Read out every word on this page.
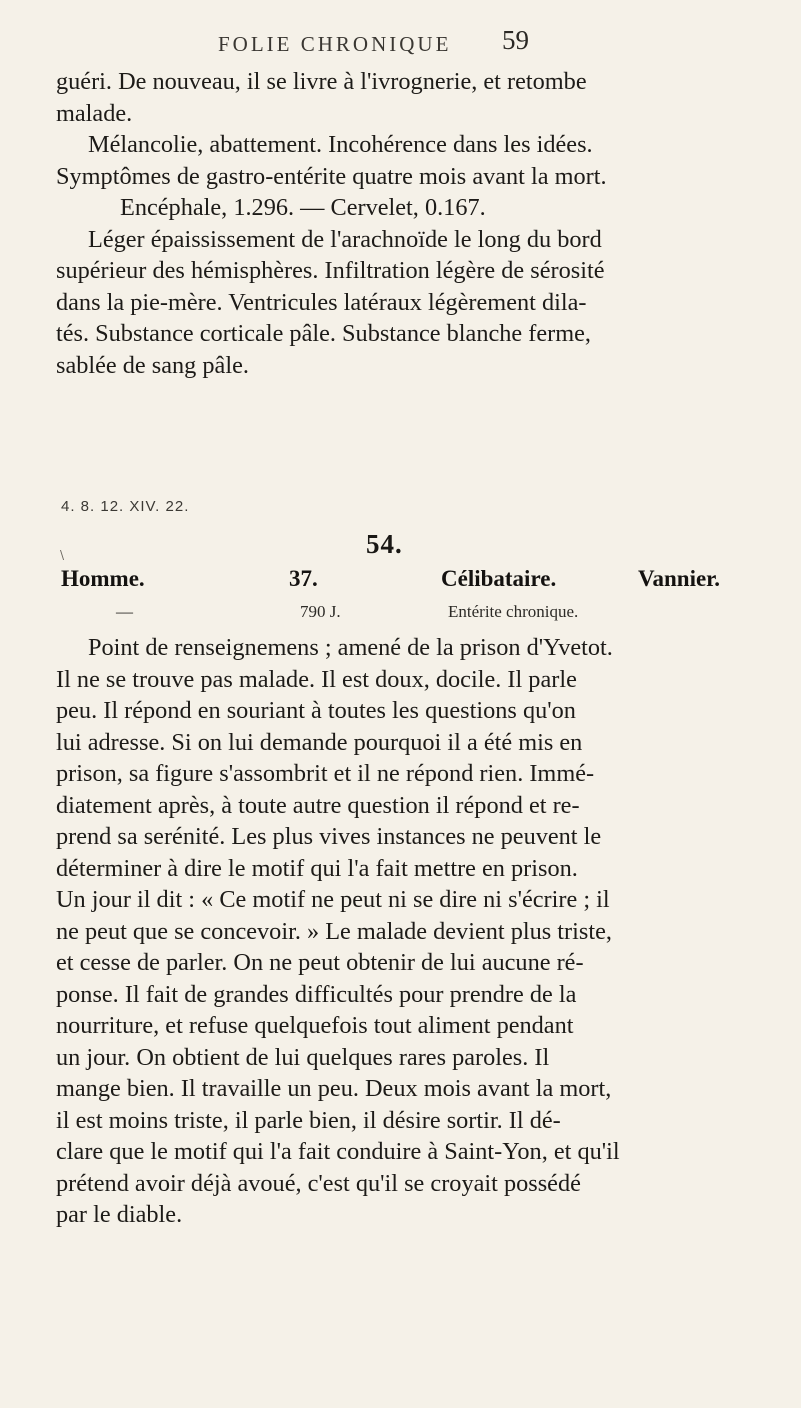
FOLIE CHRONIQUE 59

guéri. De nouveau, il se livre à l'ivrognerie, et retombe

malade.

Mélancolie, abattement. Incohérence dans les idées.

Symptômes de gastro-entérite quatre mois avant la mort.

Encéphale, 1.296. — Cervelet, 0.167.

Léger épaississement de l'arachnoïde le long du bord

supérieur des hémisphères. Infiltration légère de sérosité

dans la pie-mère. Ventricules latéraux légèrement dila-

tés. Substance corticale pâle. Substance blanche ferme,

sablée de sang pâle.

4. 8. 12. XIV. 22.
\	54.
Homme.	37.	Célibataire.	Vannier.
—	790 J.	Entérite chronique.

Point de renseignemens ; amené de la prison d'Yvetot.

Il ne se trouve pas malade. Il est doux, docile. Il parle

peu. Il répond en souriant à toutes les questions qu'on

lui adresse. Si on lui demande pourquoi il a été mis en

prison, sa figure s'assombrit et il ne répond rien. Immé-

diatement après, à toute autre question il répond et re-

prend sa serénité. Les plus vives instances ne peuvent le

déterminer à dire le motif qui l'a fait mettre en prison.

Un jour il dit : « Ce motif ne peut ni se dire ni s'écrire ; il

ne peut que se concevoir. » Le malade devient plus triste,

et cesse de parler. On ne peut obtenir de lui aucune ré-

ponse. Il fait de grandes difficultés pour prendre de la

nourriture, et refuse quelquefois tout aliment pendant

un jour. On obtient de lui quelques rares paroles. Il

mange bien. Il travaille un peu. Deux mois avant la mort,

il est moins triste, il parle bien, il désire sortir. Il dé-

clare que le motif qui l'a fait conduire à Saint-Yon, et qu'il

prétend avoir déjà avoué, c'est qu'il se croyait possédé

par le diable.
